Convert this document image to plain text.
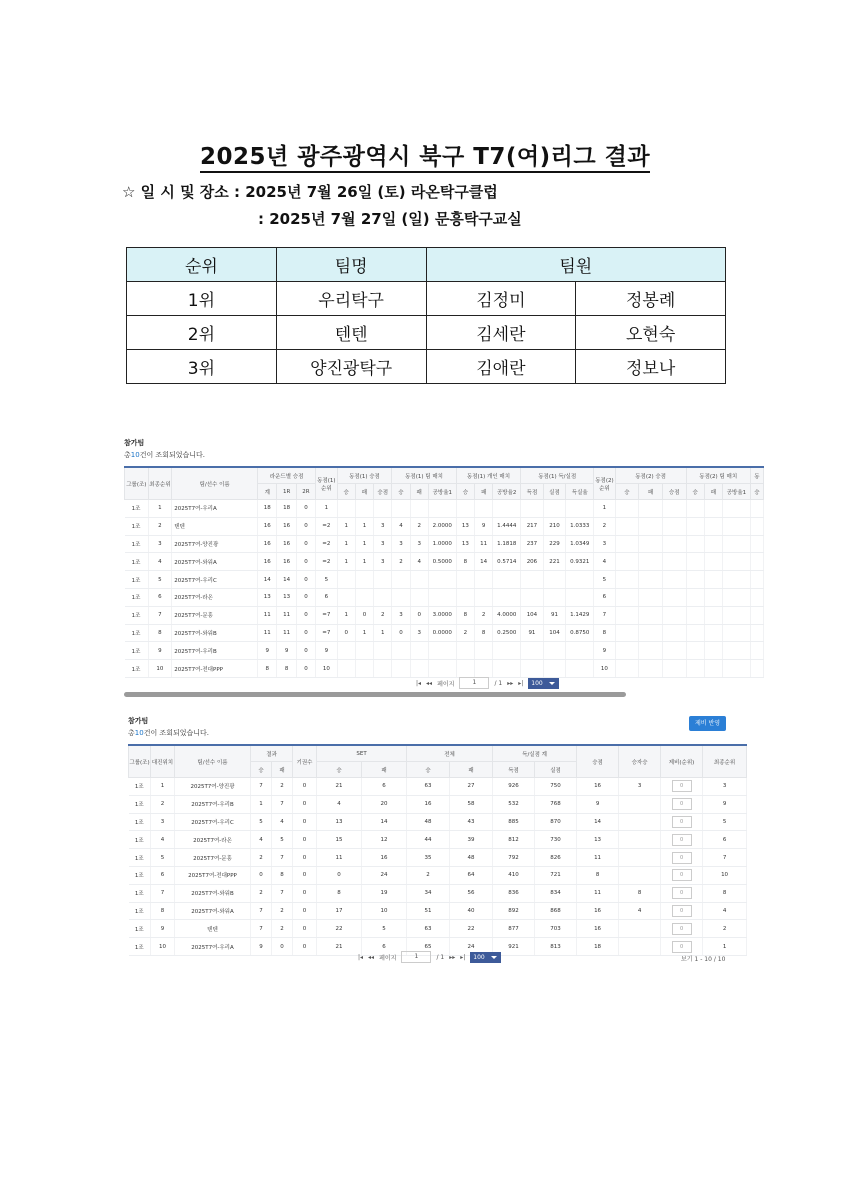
2025년 광주광역시 북구 T7(여)리그 결과
☆ 일 시 및 장소 : 2025년 7월 26일 (토) 라온탁구클럽
: 2025년 7월 27일 (일) 문흥탁구교실
순위	팀명	팀원	
1위	우리탁구	김정미	정봉례
2위	텐텐	김세란	오현숙
3위	양진광탁구	김애란	정보나
참가팀
총10건이 조회되었습니다.
그룹(조)	최종순위	팀/선수 이름	라운드별 승점			동점(1)순위	동점(1) 승점			동점(1) 팀 매치			동점(1) 개인 매치			동점(1) 득/실점			동점(2)순위	동점(2) 승점			동점(2) 팀 매치			동
			계	1R	2R		승	패	승점	승	패	공방율1	승	패	공방율2	득점	실점	득실율		승	패	승점	승	패	공방율1	승
1조	1	2025T7여-우리A	18	18	0	1													1							
1조	2	텐텐	16	16	0	=2	1	1	3	4	2	2.0000	13	9	1.4444	217	210	1.0333	2							
1조	3	2025T7여-양진광	16	16	0	=2	1	1	3	3	3	1.0000	13	11	1.1818	237	229	1.0349	3							
1조	4	2025T7여-와워A	16	16	0	=2	1	1	3	2	4	0.5000	8	14	0.5714	206	221	0.9321	4							
1조	5	2025T7여-우리C	14	14	0	5													5							
1조	6	2025T7여-라온	13	13	0	6													6							
1조	7	2025T7여-문흥	11	11	0	=7	1	0	2	3	0	3.0000	8	2	4.0000	104	91	1.1429	7							
1조	8	2025T7여-와워B	11	11	0	=7	0	1	1	0	3	0.0000	2	8	0.2500	91	104	0.8750	8							
1조	9	2025T7여-우리B	9	9	0	9													9							
1조	10	2025T7여-전대PPP	8	8	0	10													10							
|◂ ◂◂ 페이지	1	/ 1 ▸▸ ▸|	100
참가팀
총10건이 조회되었습니다.
제비 반영
그룹(조)	대진위치	팀/선수 이름	결과		기권수	SET		전체		득/실점 계		승점	승자승	제비(순위)	최종순위
			승	패		승	패	승	패	득점	실점				
1조	1	2025T7여-양진광	7	2	0	21	6	63	27	926	750	16	3	0	3
1조	2	2025T7여-우리B	1	7	0	4	20	16	58	532	768	9		0	9
1조	3	2025T7여-우리C	5	4	0	13	14	48	43	885	870	14		0	5
1조	4	2025T7여-라온	4	5	0	15	12	44	39	812	730	13		0	6
1조	5	2025T7여-문흥	2	7	0	11	16	35	48	792	826	11		0	7
1조	6	2025T7여-전대PPP	0	8	0	0	24	2	64	410	721	8		0	10
1조	7	2025T7여-와워B	2	7	0	8	19	34	56	836	834	11	8	0	8
1조	8	2025T7여-와워A	7	2	0	17	10	51	40	892	868	16	4	0	4
1조	9	텐텐	7	2	0	22	5	63	22	877	703	16		0	2
1조	10	2025T7여-우리A	9	0	0	21	6	65	24	921	813	18		0	1
|◂ ◂◂ 페이지	1	/ 1 ▸▸ ▸|	100	보기 1 - 10 / 10
